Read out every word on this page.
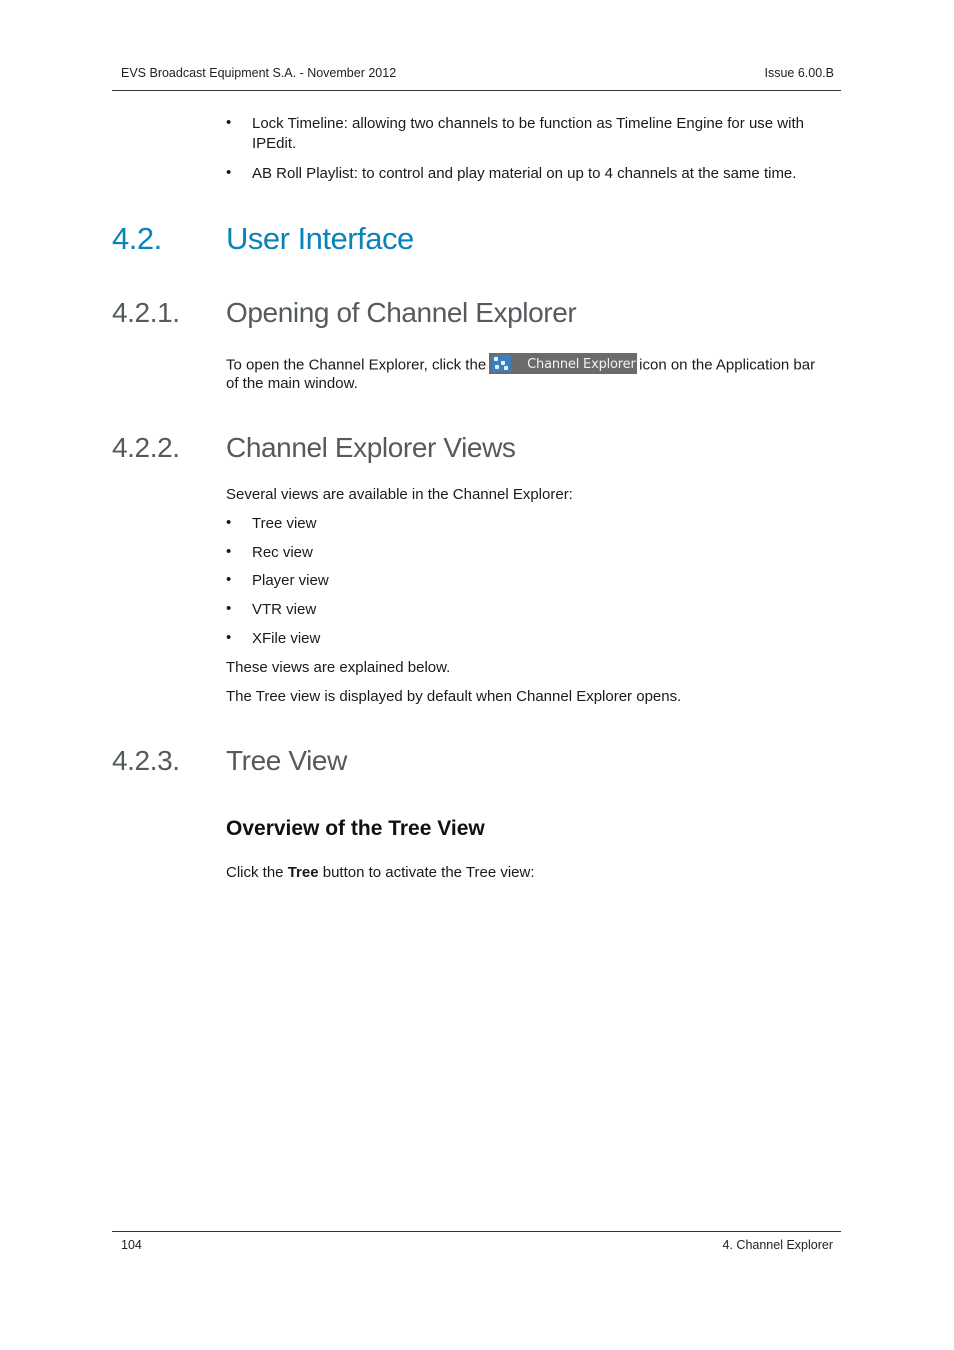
EVS Broadcast Equipment S.A. - November 2012	Issue 6.00.B
• Lock Timeline: allowing two channels to be function as Timeline Engine for use with
IPEdit.
• AB Roll Playlist: to control and play material on up to 4 channels at the same time.
4.2. User Interface
4.2.1. Opening of Channel Explorer
To open the Channel Explorer, click the	Channel Explorer icon on the Application bar
of the main window.
4.2.2. Channel Explorer Views
Several views are available in the Channel Explorer:
• Tree view
• Rec view
• Player view
• VTR view
• XFile view
These views are explained below.
The Tree view is displayed by default when Channel Explorer opens.
4.2.3. Tree View
Overview of the Tree View
Click the Tree button to activate the Tree view:
104	4. Channel Explorer
